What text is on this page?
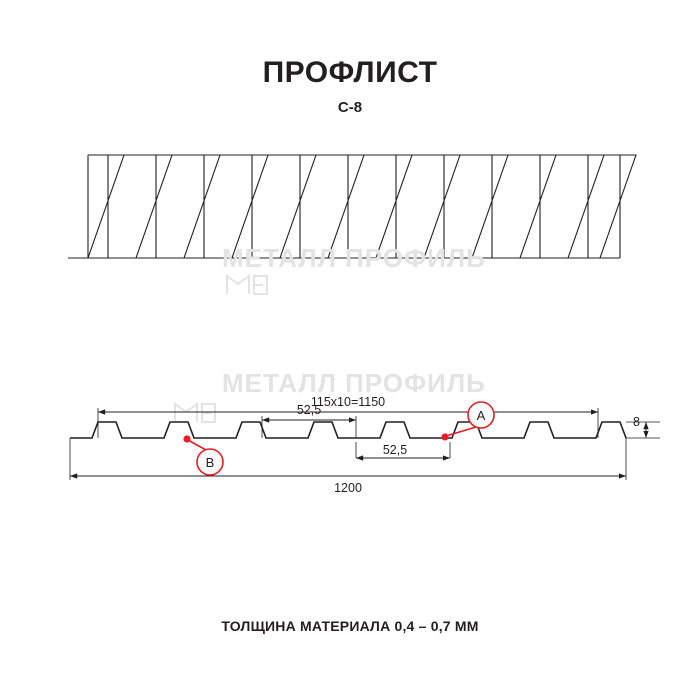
ПРОФЛИСТ
С-8
МЕТАЛЛ ПРОФИЛЬ
МЕТАЛЛ ПРОФИЛЬ
115x10=1150
52,5
52,5
1200
8
A
B
ТОЛЩИНА МАТЕРИАЛА 0,4 – 0,7 ММ
